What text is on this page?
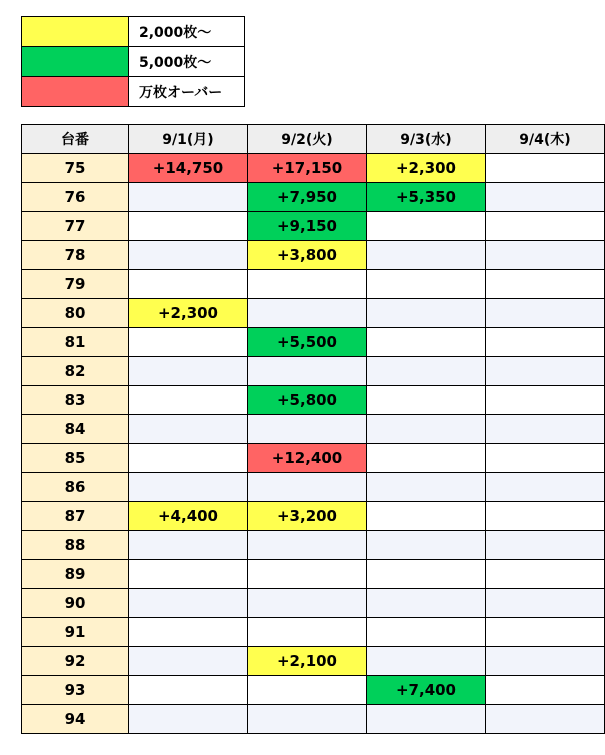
	2,000枚〜
	5,000枚〜
	万枚オーバー
台番	9/1(月)	9/2(火)	9/3(水)	9/4(木)
75	+14,750	+17,150	+2,300	
76		+7,950	+5,350	
77		+9,150		
78		+3,800		
79				
80	+2,300			
81		+5,500		
82				
83		+5,800		
84				
85		+12,400		
86				
87	+4,400	+3,200		
88				
89				
90				
91				
92		+2,100		
93			+7,400	
94				
